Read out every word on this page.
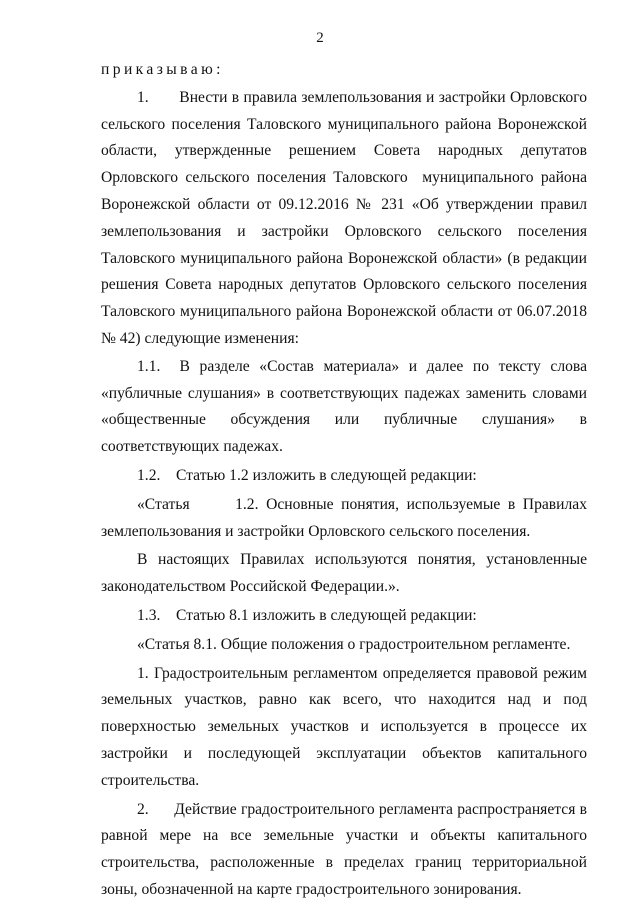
2

приказываю:

1.       Внести в правила землепользования и застройки Орловского сельского поселения Таловского муниципального района Воронежской области, утвержденные решением Совета народных депутатов Орловского сельского поселения Таловского  муниципального района Воронежской области от 09.12.2016 № 231 «Об утверждении правил землепользования и застройки Орловского сельского поселения Таловского муниципального района Воронежской области» (в редакции решения Совета народных депутатов Орловского сельского поселения Таловского муниципального района Воронежской области от 06.07.2018 № 42) следующие изменения:

1.1.  В разделе «Состав материала» и далее по тексту слова «публичные слушания» в соответствующих падежах заменить словами «общественные обсуждения или публичные слушания» в соответствующих падежах.

1.2.    Статью 1.2 изложить в следующей редакции:

«Статья      1.2. Основные понятия, используемые в Правилах землепользования и застройки Орловского сельского поселения.

В настоящих Правилах используются понятия, установленные законодательством Российской Федерации.».

1.3.    Статью 8.1 изложить в следующей редакции:

«Статья 8.1. Общие положения о градостроительном регламенте.

1. Градостроительным регламентом определяется правовой режим земельных участков, равно как всего, что находится над и под поверхностью земельных участков и используется в процессе их застройки и последующей эксплуатации объектов капитального строительства.

2.      Действие градостроительного регламента распространяется в равной мере на все земельные участки и объекты капитального строительства, расположенные в пределах границ территориальной зоны, обозначенной на карте градостроительного зонирования.
